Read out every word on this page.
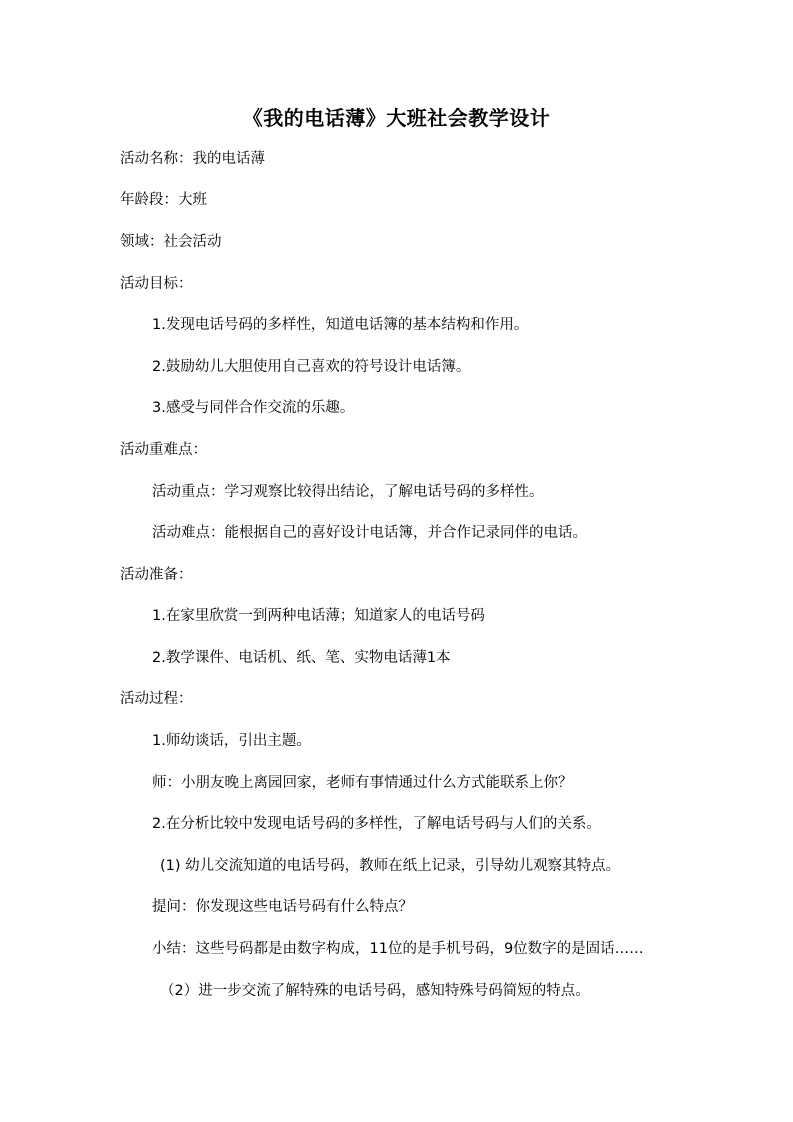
《我的电话薄》大班社会教学设计
活动名称：我的电话薄
年龄段：大班
领域：社会活动
活动目标：
1.发现电话号码的多样性，知道电话簿的基本结构和作用。
2.鼓励幼儿大胆使用自己喜欢的符号设计电话簿。
3.感受与同伴合作交流的乐趣。
活动重难点：
活动重点：学习观察比较得出结论，了解电话号码的多样性。
活动难点：能根据自己的喜好设计电话簿，并合作记录同伴的电话。
活动准备：
1.在家里欣赏一到两种电话薄；知道家人的电话号码
2.教学课件、电话机、纸、笔、实物电话薄1本
活动过程：
1.师幼谈话，引出主题。
师：小朋友晚上离园回家，老师有事情通过什么方式能联系上你？
2.在分析比较中发现电话号码的多样性，了解电话号码与人们的关系。
(1) 幼儿交流知道的电话号码，教师在纸上记录，引导幼儿观察其特点。
提问：你发现这些电话号码有什么特点？
小结：这些号码都是由数字构成，11位的是手机号码，9位数字的是固话……
（2）进一步交流了解特殊的电话号码，感知特殊号码简短的特点。
